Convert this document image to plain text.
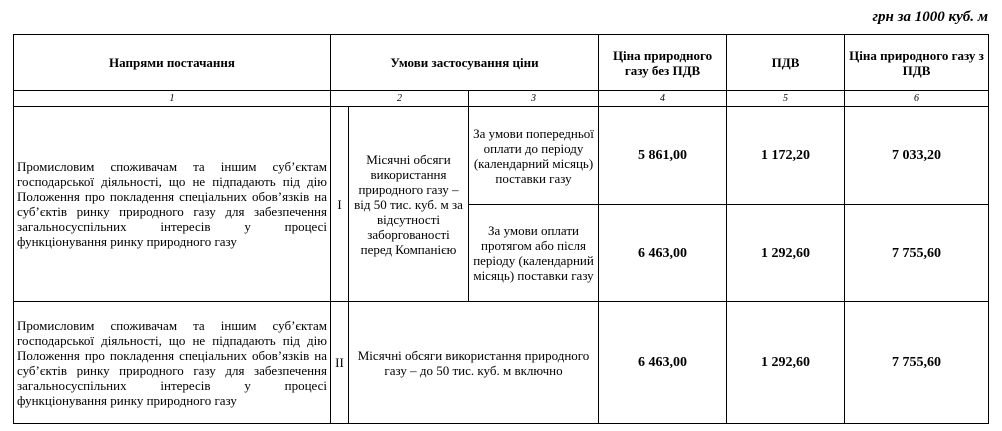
грн за 1000 куб. м
Напрями постачання	Умови застосування ціни			Ціна природного газу без ПДВ	ПДВ	Ціна природного газу з ПДВ
1	2		3	4	5	6
Промисловим споживачам та іншим суб’єктам господарської діяльності, що не підпадають під дію Положення про покладення спеціальних обов’язків на суб’єктів ринку природного газу для забезпечення загальносуспільних інтересів у процесі функціонування ринку природного газу	I	Місячні обсяги використання природного газу – від 50 тис. куб. м за відсутності заборгованості перед Компанією	За умови попередньої оплати до періоду (календарний місяць) поставки газу	5 861,00	1 172,20	7 033,20
			За умови оплати протягом або після періоду (календарний місяць) поставки газу	6 463,00	1 292,60	7 755,60
Промисловим споживачам та іншим суб’єктам господарської діяльності, що не підпадають під дію Положення про покладення спеціальних обов’язків на суб’єктів ринку природного газу для забезпечення загальносуспільних інтересів у процесі функціонування ринку природного газу	II	Місячні обсяги використання природного газу – до 50 тис. куб. м включно		6 463,00	1 292,60	7 755,60
